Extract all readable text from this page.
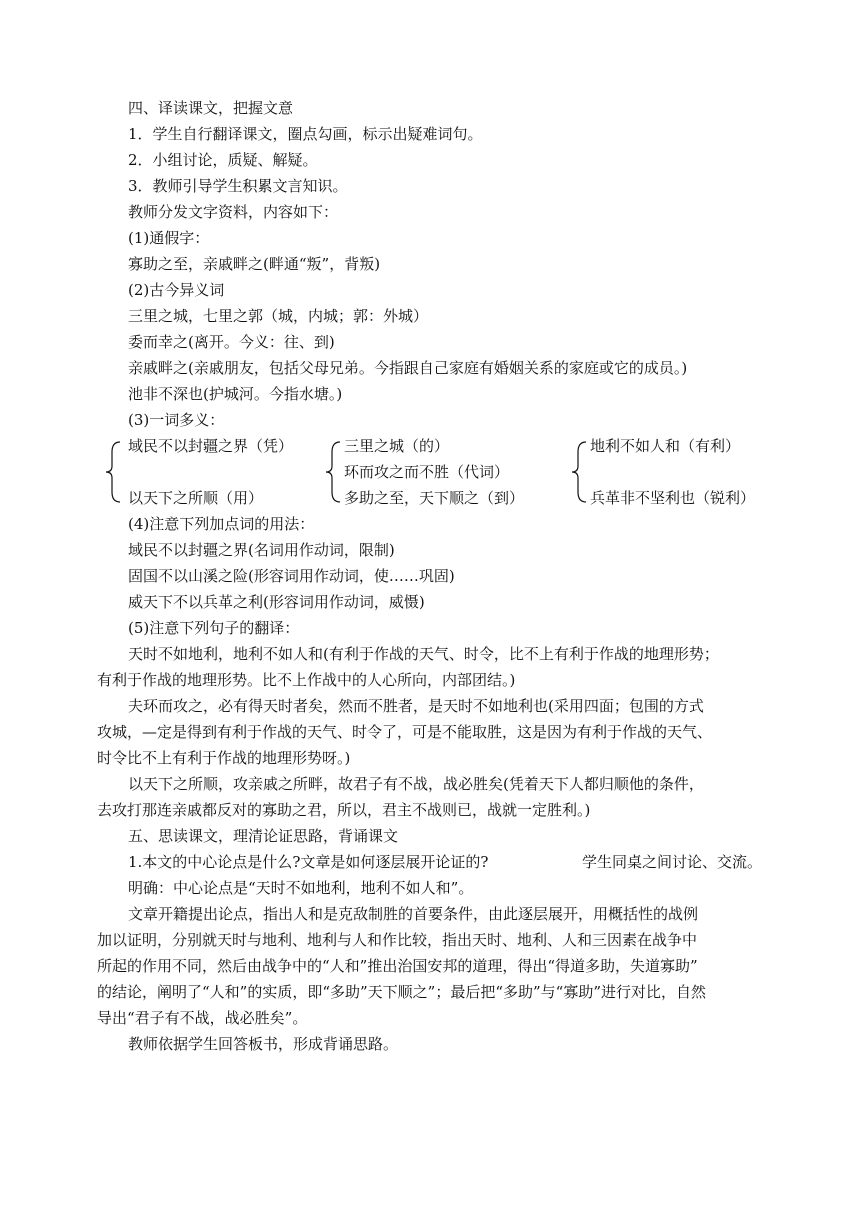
四、译读课文，把握文意
1．学生自行翻译课文，圈点勾画，标示出疑难词句。
2．小组讨论，质疑、解疑。
3．教师引导学生积累文言知识。
教师分发文字资料，内容如下：
(1)通假字：
寡助之至，亲戚畔之(畔通“叛”，背叛)
(2)古今异义词
三里之城，七里之郭（城，内城；郭：外城）
委而幸之(离开。今义：往、到)
亲戚畔之(亲戚朋友，包括父母兄弟。今指跟自己家庭有婚姻关系的家庭或它的成员。)
池非不深也(护城河。今指水塘。)
(3)一词多义：
域民不以封疆之界（凭）
以天下之所顺（用）
三里之城（的）
环而攻之而不胜（代词）
多助之至，天下顺之（到）
地利不如人和（有利）
兵革非不坚利也（锐利）
(4)注意下列加点词的用法：
域民不以封疆之界(名词用作动词，限制)
固国不以山溪之险(形容词用作动词，使……巩固)
威天下不以兵革之利(形容词用作动词，威慑)
(5)注意下列句子的翻译：
天时不如地利，地利不如人和(有利于作战的天气、时令，比不上有利于作战的地理形势；
有利于作战的地理形势。比不上作战中的人心所向，内部团结。)
夫环而攻之，必有得天时者矣，然而不胜者，是天时不如地利也(采用四面；包围的方式
攻城，—定是得到有利于作战的天气、时令了，可是不能取胜，这是因为有利于作战的天气、
时令比不上有利于作战的地理形势呀。)
以天下之所顺，攻亲戚之所畔，故君子有不战，战必胜矣(凭着天下人都归顺他的条件，
去攻打那连亲戚都反对的寡助之君，所以，君主不战则已，战就一定胜利。)
五、思读课文，理清论证思路，背诵课文
1.本文的中心论点是什么?文章是如何逐层展开论证的?	学生同桌之间讨论、交流。
明确：中心论点是“天时不如地利，地利不如人和”。
文章开籍提出论点，指出人和是克敌制胜的首要条件，由此逐层展开，用概括性的战例
加以证明，分别就天时与地利、地利与人和作比较，指出天时、地利、人和三因素在战争中
所起的作用不同，然后由战争中的“人和”推出治国安邦的道理，得出“得道多助，失道寡助”
的结论，阐明了“人和”的实质，即“多助”天下顺之”；最后把“多助”与“寡助”进行对比，自然
导出“君子有不战，战必胜矣”。
教师依据学生回答板书，形成背诵思路。
